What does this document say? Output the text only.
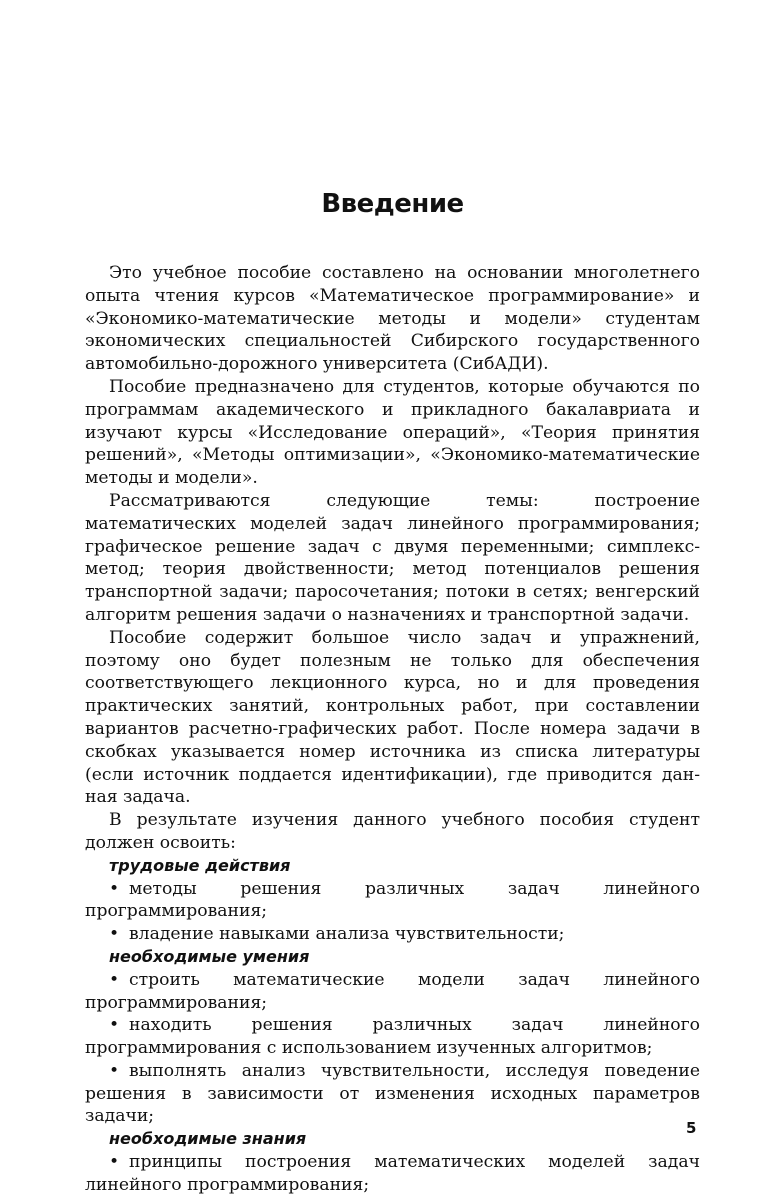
Введение

Это учебное пособие составлено на основании многолетнего опыта чтения курсов «Математическое программирование» и «Экономико-математические методы и модели» студентам экономических специальностей Сибирского государственного автомобильно-дорожного университета (СибАДИ).

Пособие предназначено для студентов, которые обучаются по программам академического и прикладного бакалавриата и изучают курсы «Исследование операций», «Теория принятия решений», «Методы оптимизации», «Экономико-математические методы и модели».

Рассматриваются следующие темы: построение математических моделей задач линейного программирования; графическое решение задач с двумя переменными; симплекс-метод; теория двойственности; метод потенциалов решения транспортной задачи; паросочетания; потоки в сетях; венгерский алгоритм решения задачи о назначениях и транспортной задачи.

Пособие содержит большое число задач и упражнений, поэтому оно будет полезным не только для обеспечения соответствующего лекционного курса, но и для проведения практических занятий, контрольных работ, при составлении вариантов расчетно-графических работ. После номера задачи в скобках указывается номер источника из списка литературы (если источник поддается идентификации), где приводится данная задача.

В результате изучения данного учебного пособия студент должен освоить:

трудовые действия

• методы решения различных задач линейного программирования;

• владение навыками анализа чувствительности;

необходимые умения

• строить математические модели задач линейного программирования;

• находить решения различных задач линейного программирования с использованием изученных алгоритмов;

• выполнять анализ чувствительности, исследуя поведение решения в зависимости от изменения исходных параметров задачи;

необходимые знания

• принципы построения математических моделей задач линейного программирования;

5
